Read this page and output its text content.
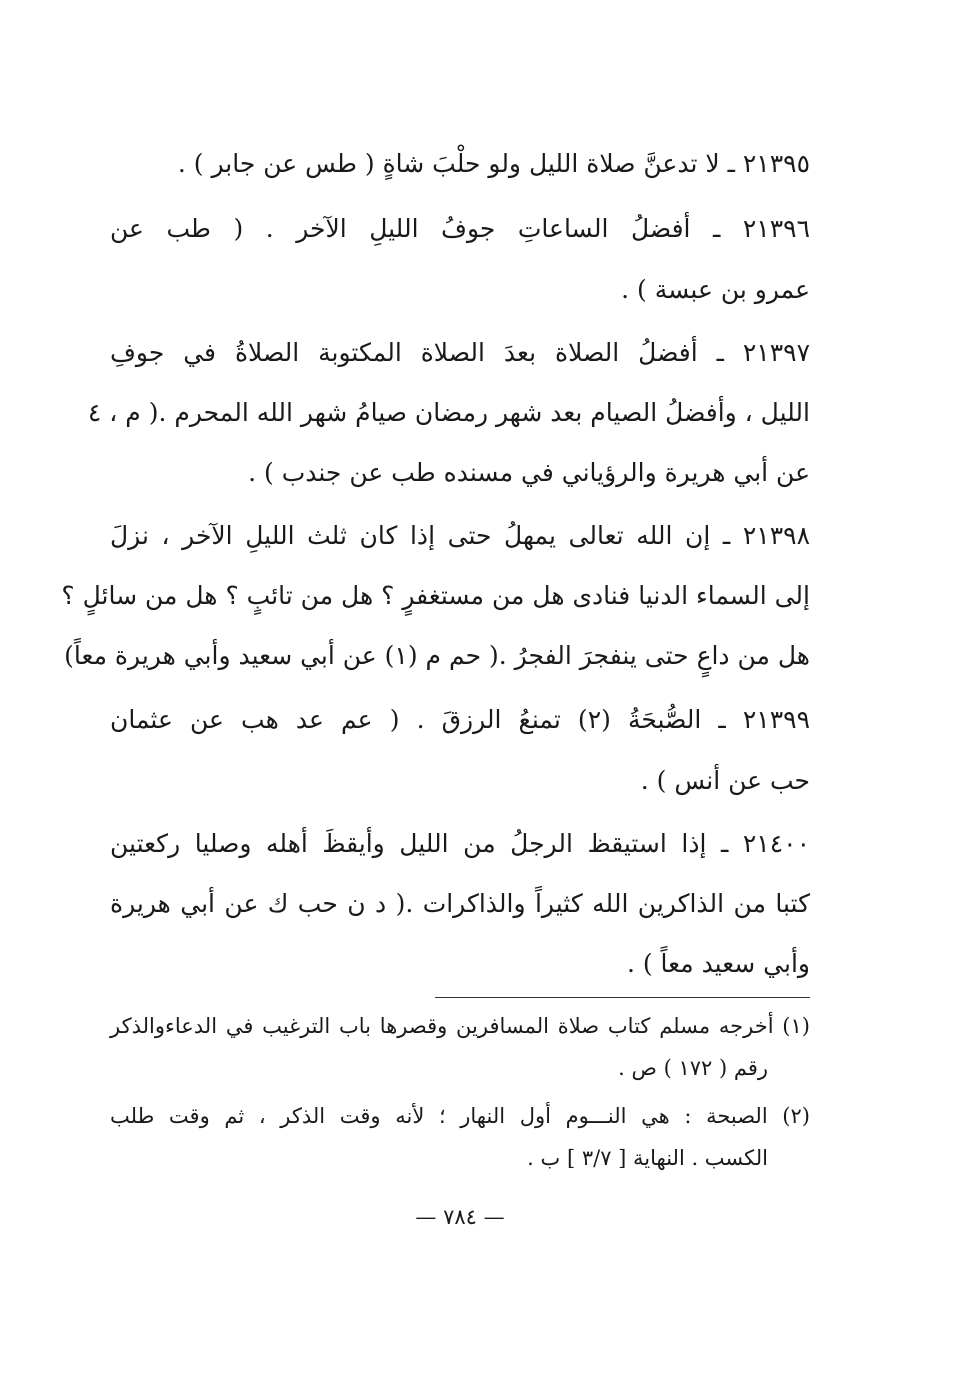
٢١٣٩٥ ـ لا تدعنَّ صلاة الليل ولو حلْبَ شاةٍ ( طس عن جابر ) .
٢١٣٩٦ ـ أفضلُ الساعاتِ جوفُ الليلِ الآخر . ( طب عن
عمرو بن عبسة ) .
٢١٣٩٧ ـ أفضلُ الصلاة بعدَ الصلاة المكتوبة الصلاةُ في جوفِ
الليل ، وأفضلُ الصيام بعد شهر رمضان صيامُ شهر الله المحرم .( م ، ٤
عن أبي هريرة والرؤياني في مسنده طب عن جندب ) .
٢١٣٩٨ ـ إن الله تعالى يمهلُ حتى إذا كان ثلث الليلِ الآخر ، نزلَ
إلى السماء الدنيا فنادى هل من مستغفرٍ ؟ هل من تائبٍ ؟ هل من سائلٍ ؟
هل من داعٍ حتى ينفجرَ الفجرُ .( حم م (١) عن أبي سعيد وأبي هريرة معاً)
٢١٣٩٩ ـ الصُّبحَةُ (٢) تمنعُ الرزقَ . ( عم عد هب عن عثمان
حب عن أنس ) .
٢١٤٠٠ ـ إذا استيقظ الرجلُ من الليل وأيقظَ أهله وصليا ركعتين
كتبا من الذاكرين الله كثيراً والذاكرات .( د ن حب ك عن أبي هريرة
وأبي سعيد معاً ) .
(١) أخرجه مسلم كتاب صلاة المسافرين وقصرها باب الترغيب في الدعاءوالذكر
رقم ( ١٧٢ ) ص .
(٢) الصبحة : هي النـــوم أول النهار ؛ لأنه وقت الذكر ، ثم وقت طلب
الكسب . النهاية [ ٣/٧ ] ب .
— ٧٨٤ —
